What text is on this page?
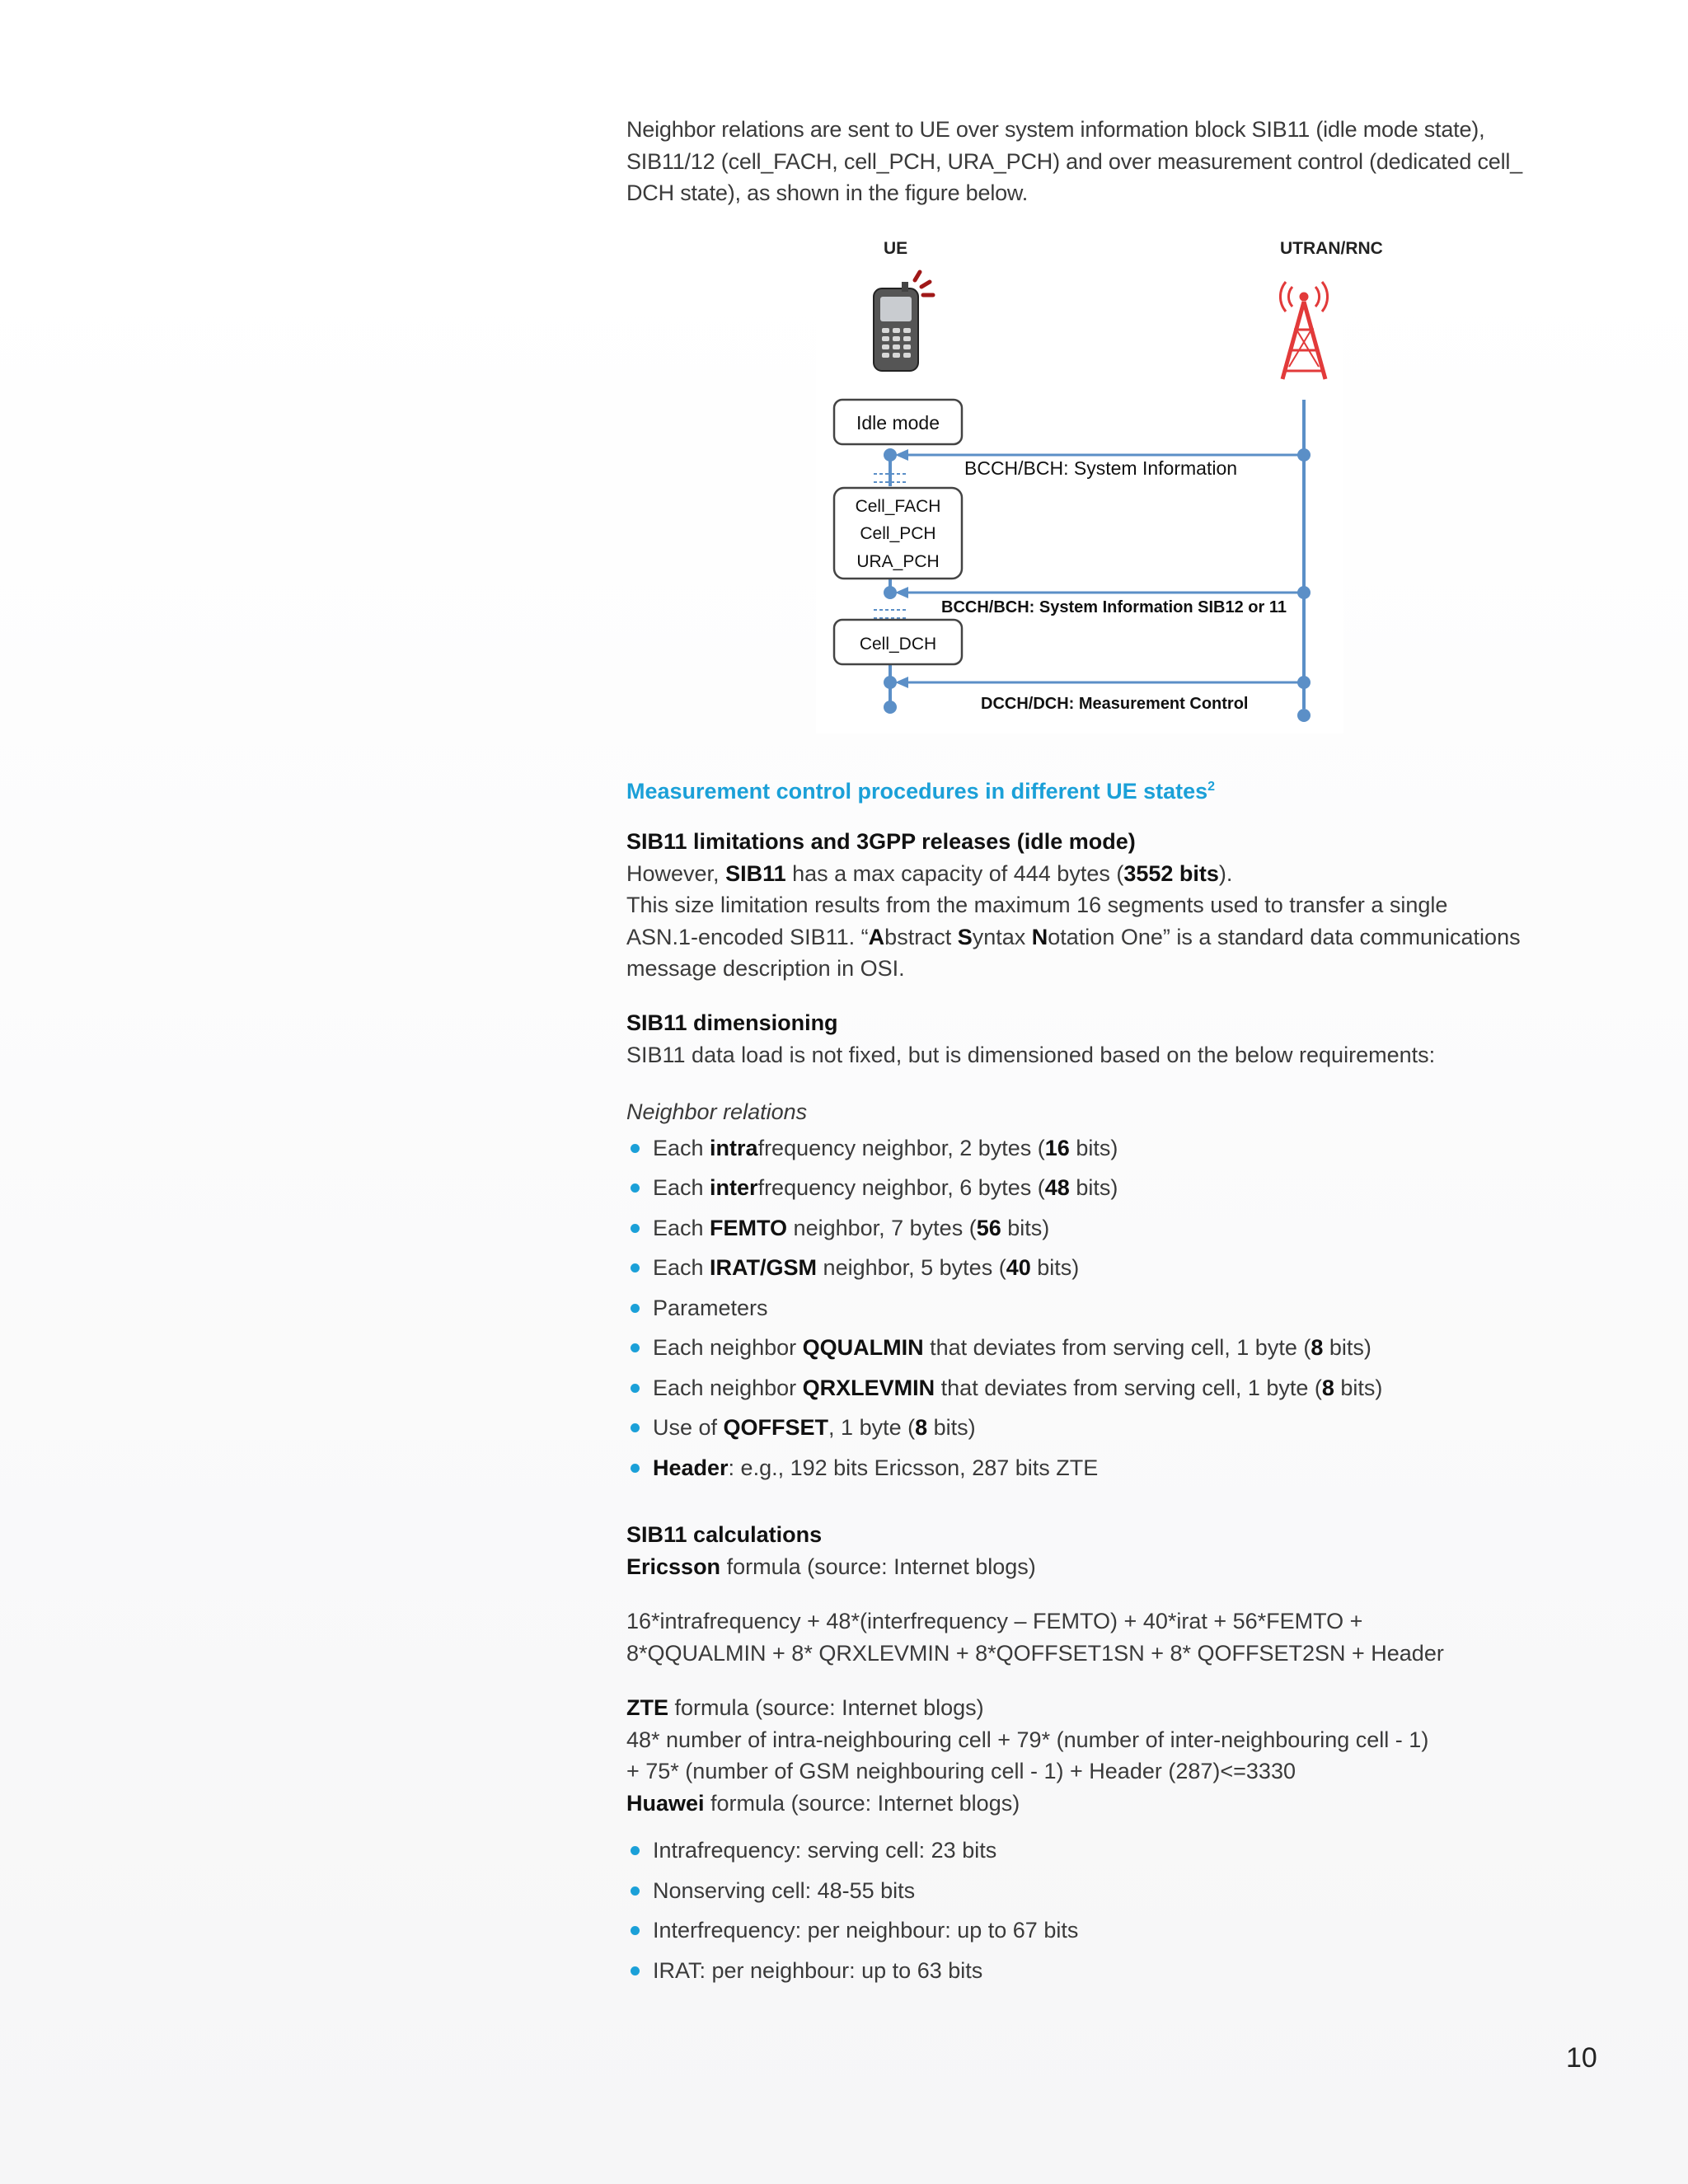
Neighbor relations are sent to UE over system information block SIB11 (idle mode state), SIB11/12 (cell_FACH, cell_PCH, URA_PCH) and over measurement control (dedicated cell_ DCH state), as shown in the figure below.

UE	UTRAN/RNC
Idle mode
Cell_FACH
Cell_PCH
URA_PCH
Cell_DCH
BCCH/BCH: System Information
BCCH/BCH: System Information SIB12 or 11
DCCH/DCH: Measurement Control

Measurement control procedures in different UE states$^2$

SIB11 limitations and 3GPP releases (idle mode)

However, SIB11 has a max capacity of 444 bytes (3552 bits).
This size limitation results from the maximum 16 segments used to transfer a single
ASN.1-encoded SIB11. “Abstract Syntax Notation One” is a standard data communications
message description in OSI.

SIB11 dimensioning

SIB11 data load is not fixed, but is dimensioned based on the below requirements:
Neighbor relations
Each intrafrequency neighbor, 2 bytes (16 bits)
Each interfrequency neighbor, 6 bytes (48 bits)
Each FEMTO neighbor, 7 bytes (56 bits)
Each IRAT/GSM neighbor, 5 bytes (40 bits)
Parameters
Each neighbor QQUALMIN that deviates from serving cell, 1 byte (8 bits)
Each neighbor QRXLEVMIN that deviates from serving cell, 1 byte (8 bits)
Use of QOFFSET, 1 byte (8 bits)
Header: e.g., 192 bits Ericsson, 287 bits ZTE

SIB11 calculations

Ericsson formula (source: Internet blogs)
16*intrafrequency + 48*(interfrequency – FEMTO) + 40*irat + 56*FEMTO +
8*QQUALMIN + 8* QRXLEVMIN + 8*QOFFSET1SN + 8* QOFFSET2SN + Header
ZTE formula (source: Internet blogs)
48* number of intra-neighbouring cell + 79* (number of inter-neighbouring cell - 1)
+ 75* (number of GSM neighbouring cell - 1) + Header (287)<=3330
Huawei formula (source: Internet blogs)
Intrafrequency: serving cell: 23 bits
Nonserving cell: 48-55 bits
Interfrequency: per neighbour: up to 67 bits
IRAT: per neighbour: up to 63 bits
10
